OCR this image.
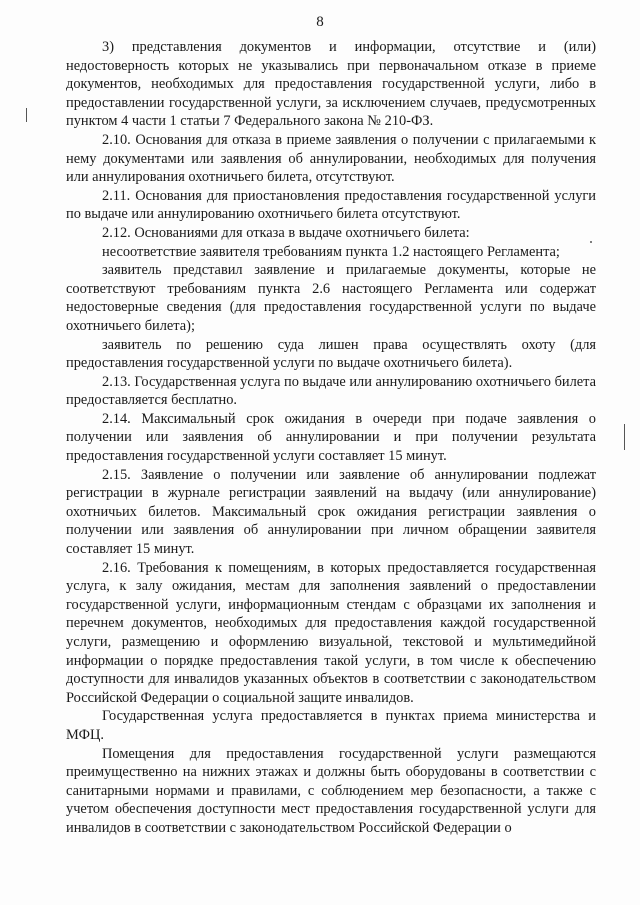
8

3) представления документов и информации, отсутствие и (или) недостоверность которых не указывались при первоначальном отказе в приеме документов, необходимых для предоставления государственной услуги, либо в предоставлении государственной услуги, за исключением случаев, предусмотренных пунктом 4 части 1 статьи 7 Федерального закона № 210-ФЗ.

2.10. Основания для отказа в приеме заявления о получении с прилагаемыми к нему документами или заявления об аннулировании, необходимых для получения или аннулирования охотничьего билета, отсутствуют.

2.11. Основания для приостановления предоставления государственной услуги по выдаче или аннулированию охотничьего билета отсутствуют.

2.12. Основаниями для отказа в выдаче охотничьего билета:

несоответствие заявителя требованиям пункта 1.2 настоящего Регламента;

заявитель представил заявление и прилагаемые документы, которые не соответствуют требованиям пункта 2.6 настоящего Регламента или содержат недостоверные сведения (для предоставления государственной услуги по выдаче охотничьего билета);

заявитель по решению суда лишен права осуществлять охоту (для предоставления государственной услуги по выдаче охотничьего билета).

2.13. Государственная услуга по выдаче или аннулированию охотничьего билета предоставляется бесплатно.

2.14. Максимальный срок ожидания в очереди при подаче заявления о получении или заявления об аннулировании и при получении результата предоставления государственной услуги составляет 15 минут.

2.15. Заявление о получении или заявление об аннулировании подлежат регистрации в журнале регистрации заявлений на выдачу (или аннулирование) охотничьих билетов. Максимальный срок ожидания регистрации заявления о получении или заявления об аннулировании при личном обращении заявителя составляет 15 минут.

2.16. Требования к помещениям, в которых предоставляется государственная услуга, к залу ожидания, местам для заполнения заявлений о предоставлении государственной услуги, информационным стендам с образцами их заполнения и перечнем документов, необходимых для предоставления каждой государственной услуги, размещению и оформлению визуальной, текстовой и мультимедийной информации о порядке предоставления такой услуги, в том числе к обеспечению доступности для инвалидов указанных объектов в соответствии с законодательством Российской Федерации о социальной защите инвалидов.

Государственная услуга предоставляется в пунктах приема министерства и МФЦ.

Помещения для предоставления государственной услуги размещаются преимущественно на нижних этажах и должны быть оборудованы в соответствии с санитарными нормами и правилами, с соблюдением мер безопасности, а также с учетом обеспечения доступности мест предоставления государственной услуги для инвалидов в соответствии с законодательством Российской Федерации о
